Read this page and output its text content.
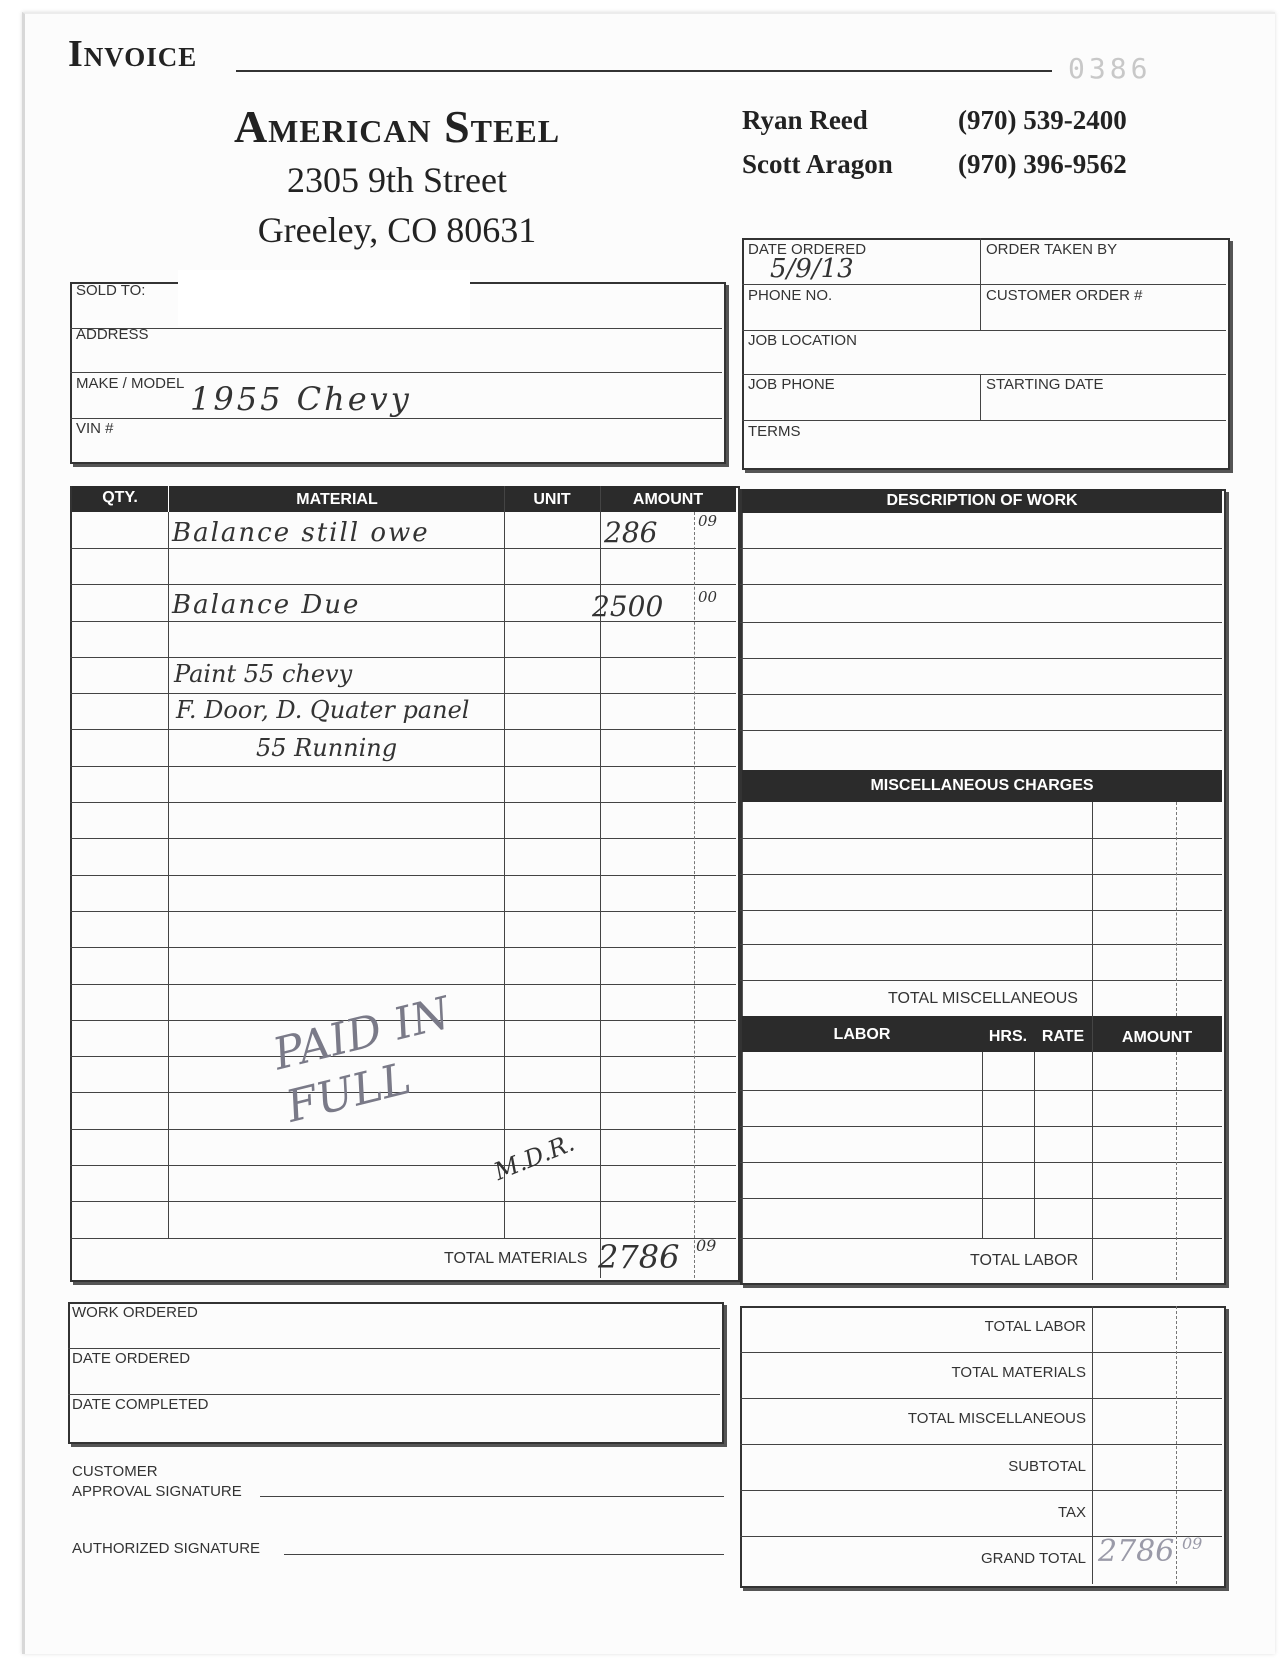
Invoice	0386
American Steel
2305 9th Street
Greeley, CO 80631
Ryan Reed	(970) 539-2400
Scott Aragon	(970) 396-9562
SOLD TO:
ADDRESS
MAKE / MODEL 1955 Chevy
VIN #
DATE ORDERED
5/9/13
ORDER TAKEN BY
PHONE NO.	CUSTOMER ORDER #
JOB LOCATION
JOB PHONE	STARTING DATE
TERMS
QTY.	MATERIAL	UNIT	AMOUNT
Balance still owe	286	09
Balance Due	2500 00
Paint 55 chevy
F. Door, D. Quater panel
55 Running
PAID IN FULL
M.D.R.
TOTAL MATERIALS 2786 09
DESCRIPTION OF WORK
MISCELLANEOUS CHARGES
TOTAL MISCELLANEOUS
LABOR	HRS. RATE	AMOUNT
TOTAL LABOR
WORK ORDERED
DATE ORDERED
DATE COMPLETED
CUSTOMER
APPROVAL SIGNATURE
AUTHORIZED SIGNATURE
TOTAL LABOR
TOTAL MATERIALS
TOTAL MISCELLANEOUS
SUBTOTAL
TAX
GRAND TOTAL 2786 09
